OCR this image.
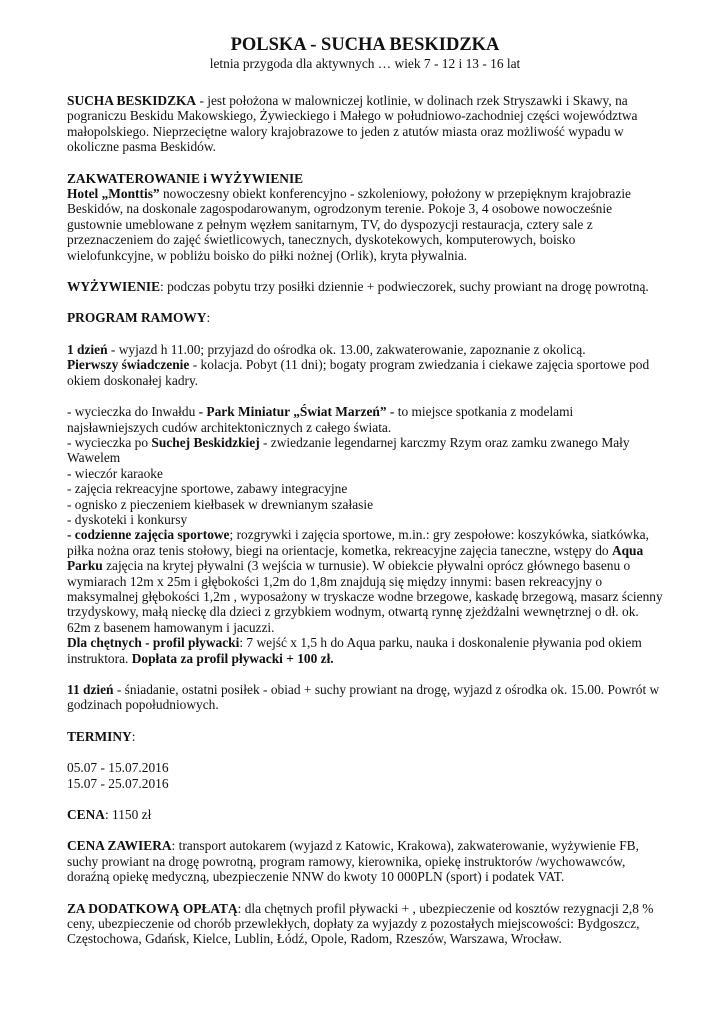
POLSKA - SUCHA BESKIDZKA

letnia przygoda dla aktywnych … wiek 7 - 12 i 13 - 16 lat

SUCHA BESKIDZKA - jest położona w malowniczej kotlinie, w dolinach rzek Stryszawki i Skawy, na pograniczu Beskidu Makowskiego, Żywieckiego i Małego w południowo-zachodniej części województwa małopolskiego. Nieprzeciętne walory krajobrazowe to jeden z atutów miasta oraz możliwość wypadu w okoliczne pasma Beskidów.

ZAKWATEROWANIE i WYŻYWIENIE

Hotel „Monttis” nowoczesny obiekt konferencyjno - szkoleniowy, położony w przepięknym krajobrazie Beskidów, na doskonale zagospodarowanym, ogrodzonym terenie. Pokoje 3, 4 osobowe nowocześnie gustownie umeblowane z pełnym węzłem sanitarnym, TV, do dyspozycji restauracja, cztery sale z przeznaczeniem do zajęć świetlicowych, tanecznych, dyskotekowych, komputerowych, boisko wielofunkcyjne, w pobliżu boisko do piłki nożnej (Orlik), kryta pływalnia.

WYŻYWIENIE: podczas pobytu trzy posiłki dziennie + podwieczorek, suchy prowiant na drogę powrotną.

PROGRAM RAMOWY:

1 dzień - wyjazd h 11.00; przyjazd do ośrodka ok. 13.00, zakwaterowanie, zapoznanie z okolicą.

Pierwszy świadczenie - kolacja. Pobyt (11 dni); bogaty program zwiedzania i ciekawe zajęcia sportowe pod okiem doskonałej kadry.

- wycieczka do Inwałdu - Park Miniatur „Świat Marzeń” - to miejsce spotkania z modelami najsławniejszych cudów architektonicznych z całego świata.

- wycieczka po Suchej Beskidzkiej - zwiedzanie legendarnej karczmy Rzym oraz zamku zwanego Mały Wawelem

- wieczór karaoke

- zajęcia rekreacyjne sportowe, zabawy integracyjne

- ognisko z pieczeniem kiełbasek w drewnianym szałasie

- dyskoteki i konkursy

- codzienne zajęcia sportowe; rozgrywki i zajęcia sportowe, m.in.: gry zespołowe: koszykówka, siatkówka, piłka nożna oraz tenis stołowy, biegi na orientacje, kometka, rekreacyjne zajęcia taneczne, wstępy do Aqua Parku zajęcia na krytej pływalni (3 wejścia w turnusie). W obiekcie pływalni oprócz głównego basenu o wymiarach 12m x 25m i głębokości 1,2m do 1,8m znajdują się między innymi: basen rekreacyjny o maksymalnej głębokości 1,2m , wyposażony w tryskacze wodne brzegowe, kaskadę brzegową, masarz ścienny trzydyskowy, małą nieckę dla dzieci z grzybkiem wodnym, otwartą rynnę zjeżdżalni wewnętrznej o dł. ok. 62m z basenem hamowanym i jacuzzi.

Dla chętnych - profil pływacki: 7 wejść x 1,5 h do Aqua parku, nauka i doskonalenie pływania pod okiem instruktora. Dopłata za profil pływacki + 100 zł.

11 dzień - śniadanie, ostatni posiłek - obiad + suchy prowiant na drogę, wyjazd z ośrodka ok. 15.00. Powrót w godzinach popołudniowych.

TERMINY:

05.07 - 15.07.2016

15.07 - 25.07.2016

CENA: 1150 zł

CENA ZAWIERA: transport autokarem (wyjazd z Katowic, Krakowa), zakwaterowanie, wyżywienie FB, suchy prowiant na drogę powrotną, program ramowy, kierownika, opiekę instruktorów /wychowawców, doraźną opiekę medyczną, ubezpieczenie NNW do kwoty 10 000PLN (sport) i podatek VAT.

ZA DODATKOWĄ OPŁATĄ: dla chętnych profil pływacki + , ubezpieczenie od kosztów rezygnacji 2,8 % ceny, ubezpieczenie od chorób przewlekłych, dopłaty za wyjazdy z pozostałych miejscowości: Bydgoszcz, Częstochowa, Gdańsk, Kielce, Lublin, Łódź, Opole, Radom, Rzeszów, Warszawa, Wrocław.
